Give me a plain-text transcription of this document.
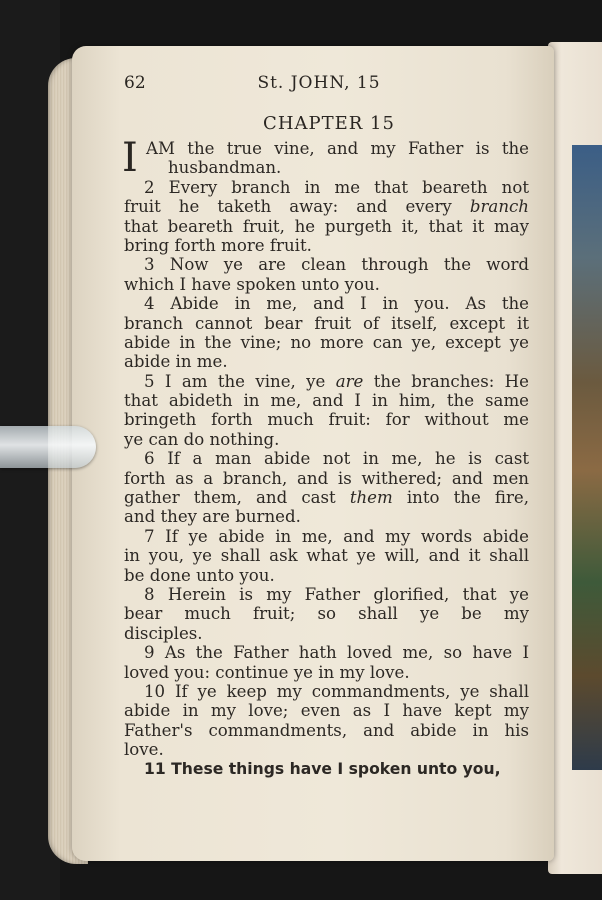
62	St. JOHN, 15
CHAPTER 15
I AM the true vine, and my Father is the
husbandman.
2 Every branch in me that beareth not
fruit he taketh away: and every branch
that beareth fruit, he purgeth it, that it may
bring forth more fruit.
3 Now ye are clean through the word
which I have spoken unto you.
4 Abide in me, and I in you. As the
branch cannot bear fruit of itself, except it
abide in the vine; no more can ye, except ye
abide in me.
5 I am the vine, ye are the branches: He
that abideth in me, and I in him, the same
bringeth forth much fruit: for without me
ye can do nothing.
6 If a man abide not in me, he is cast
forth as a branch, and is withered; and men
gather them, and cast them into the fire,
and they are burned.
7 If ye abide in me, and my words abide
in you, ye shall ask what ye will, and it shall
be done unto you.
8 Herein is my Father glorified, that ye
bear much fruit; so shall ye be my
disciples.
9 As the Father hath loved me, so have I
loved you: continue ye in my love.
10 If ye keep my commandments, ye shall
abide in my love; even as I have kept my
Father's commandments, and abide in his
love.
11 These things have I spoken unto you,
